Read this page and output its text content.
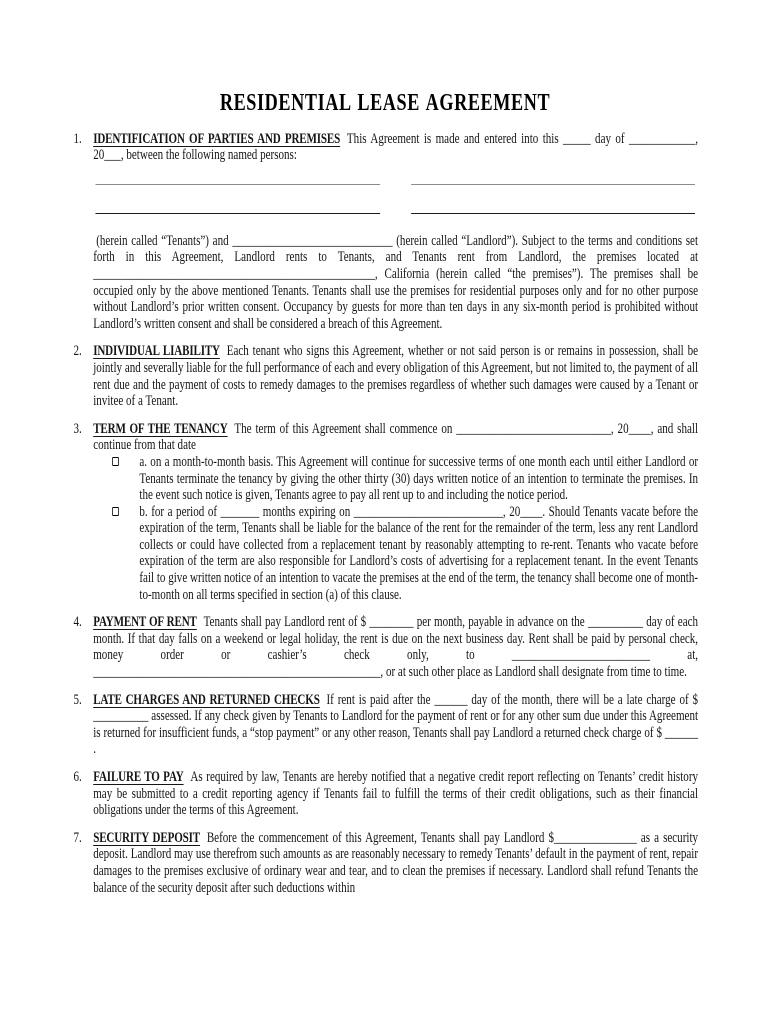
RESIDENTIAL LEASE AGREEMENT
1. IDENTIFICATION OF PARTIES AND PREMISES This Agreement is made and entered into this _____ day of ____________, 20___, between the following named persons:

(herein called “Tenants”) and _____________________________ (herein called “Landlord”). Subject to the terms and conditions set forth in this Agreement, Landlord rents to Tenants, and Tenants rent from Landlord, the premises located at ___________________________________________________, California (herein called “the premises”). The premises shall be occupied only by the above mentioned Tenants. Tenants shall use the premises for residential purposes only and for no other purpose without Landlord’s prior written consent. Occupancy by guests for more than ten days in any six-month period is prohibited without Landlord’s written consent and shall be considered a breach of this Agreement.

2. INDIVIDUAL LIABILITY Each tenant who signs this Agreement, whether or not said person is or remains in possession, shall be jointly and severally liable for the full performance of each and every obligation of this Agreement, but not limited to, the payment of all rent due and the payment of costs to remedy damages to the premises regardless of whether such damages were caused by a Tenant or invitee of a Tenant.

3. TERM OF THE TENANCY The term of this Agreement shall commence on ____________________________, 20____, and shall continue from that date

a. on a month-to-month basis. This Agreement will continue for successive terms of one month each until either Landlord or Tenants terminate the tenancy by giving the other thirty (30) days written notice of an intention to terminate the premises. In the event such notice is given, Tenants agree to pay all rent up to and including the notice period.

b. for a period of _______ months expiring on ___________________________, 20____. Should Tenants vacate before the expiration of the term, Tenants shall be liable for the balance of the rent for the remainder of the term, less any rent Landlord collects or could have collected from a replacement tenant by reasonably attempting to re-rent. Tenants who vacate before expiration of the term are also responsible for Landlord’s costs of advertising for a replacement tenant. In the event Tenants fail to give written notice of an intention to vacate the premises at the end of the term, the tenancy shall become one of month-to-month on all terms specified in section (a) of this clause.

4. PAYMENT OF RENT Tenants shall pay Landlord rent of $ ________ per month, payable in advance on the __________ day of each month. If that day falls on a weekend or legal holiday, the rent is due on the next business day. Rent shall be paid by personal check, money order or cashier’s check only, to _________________________ at, ____________________________________________________, or at such other place as Landlord shall designate from time to time.

5. LATE CHARGES AND RETURNED CHECKS If rent is paid after the ______ day of the month, there will be a late charge of $ __________ assessed. If any check given by Tenants to Landlord for the payment of rent or for any other sum due under this Agreement is returned for insufficient funds, a “stop payment” or any other reason, Tenants shall pay Landlord a returned check charge of $ ______ .

6. FAILURE TO PAY As required by law, Tenants are hereby notified that a negative credit report reflecting on Tenants’ credit history may be submitted to a credit reporting agency if Tenants fail to fulfill the terms of their credit obligations, such as their financial obligations under the terms of this Agreement.

7. SECURITY DEPOSIT Before the commencement of this Agreement, Tenants shall pay Landlord $_______________ as a security deposit. Landlord may use therefrom such amounts as are reasonably necessary to remedy Tenants’ default in the payment of rent, repair damages to the premises exclusive of ordinary wear and tear, and to clean the premises if necessary. Landlord shall refund Tenants the balance of the security deposit after such deductions within
